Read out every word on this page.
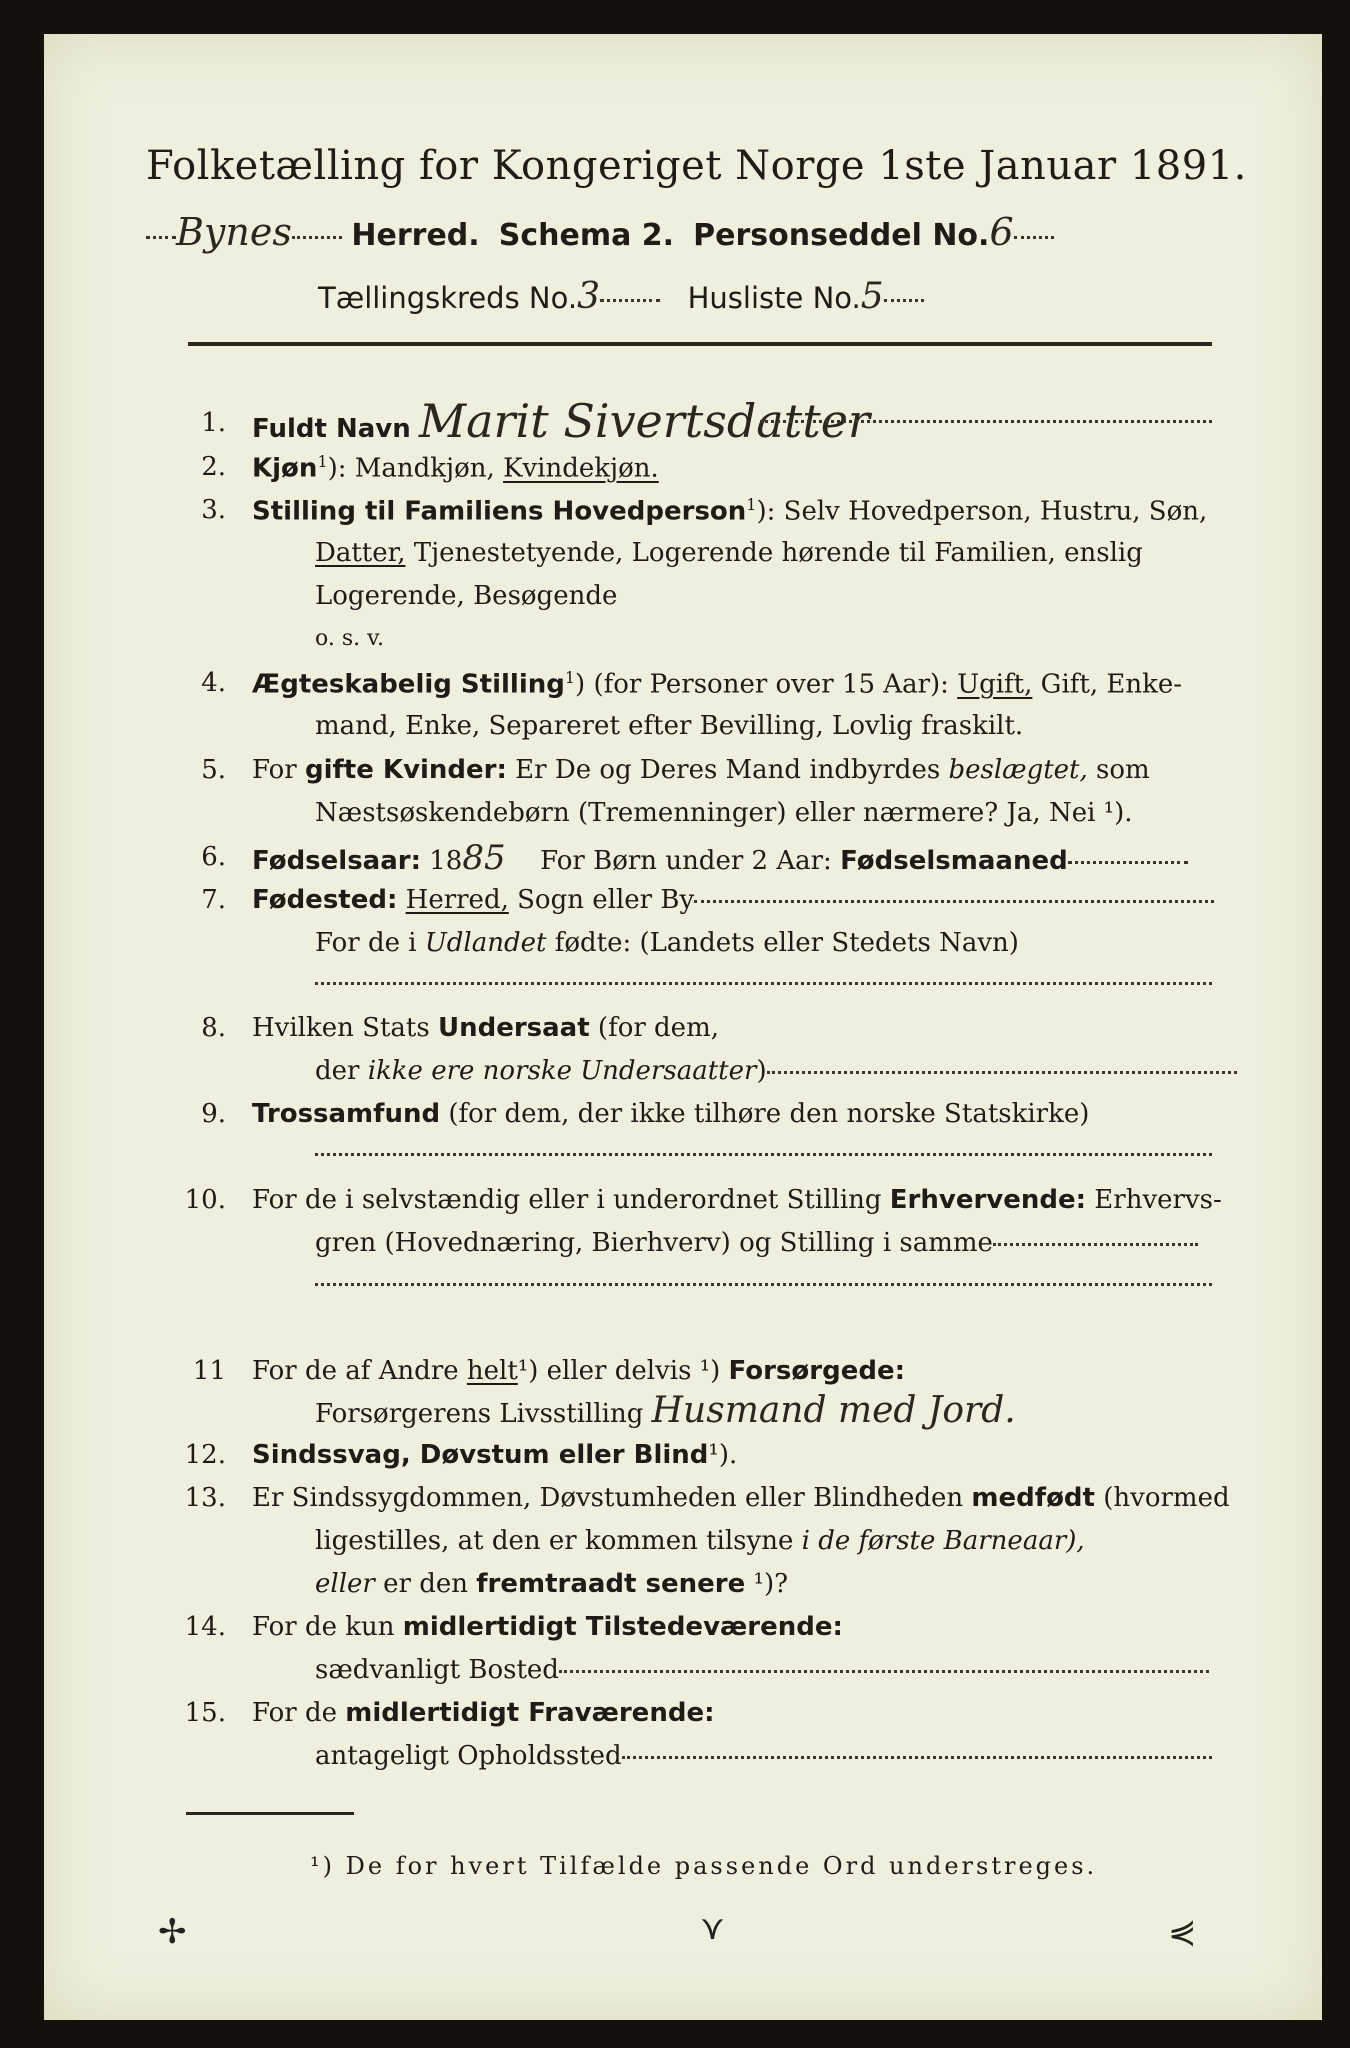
Folketælling for Kongeriget Norge 1ste Januar 1891.
Bynes Herred. Schema 2. Personseddel No.6
Tællingskreds No.3	Husliste No.5
1. Fuldt Navn Marit Sivertsdatter
2. Kjøn$^1$): Mandkjøn, Kvindekjøn.
3. Stilling til Familiens Hovedperson$^1$): Selv Hovedperson, Hustru, Søn,
Datter, Tjenestetyende, Logerende hørende til Familien, enslig
Logerende, Besøgende
o. s. v.
4. Ægteskabelig Stilling$^1$) (for Personer over 15 Aar): Ugift, Gift, Enke-
mand, Enke, Separeret efter Bevilling, Lovlig fraskilt.
5. For gifte Kvinder: Er De og Deres Mand indbyrdes beslægtet, som
Næstsøskendebørn (Tremenninger) eller nærmere? Ja, Nei ¹).
6. Fødselsaar: 1885 For Børn under 2 Aar: Fødselsmaaned
7. Fødested: Herred, Sogn eller By
For de i Udlandet fødte: (Landets eller Stedets Navn)
8. Hvilken Stats Undersaat (for dem,
der ikke ere norske Undersaatter)
9. Trossamfund (for dem, der ikke tilhøre den norske Statskirke)
10. For de i selvstændig eller i underordnet Stilling Erhvervende: Erhvervs-
gren (Hovednæring, Bierhverv) og Stilling i samme
11 For de af Andre helt¹) eller delvis ¹) Forsørgede:
Forsørgerens Livsstilling Husmand med Jord.
12. Sindssvag, Døvstum eller Blind¹).
13. Er Sindssygdommen, Døvstumheden eller Blindheden medfødt (hvormed
ligestilles, at den er kommen tilsyne i de første Barneaar),
eller er den fremtraadt senere ¹)?
14. For de kun midlertidigt Tilstedeværende:
sædvanligt Bosted
15. For de midlertidigt Fraværende:
antageligt Opholdssted
¹) De for hvert Tilfælde passende Ord understreges.
✢	⋎	⋞
